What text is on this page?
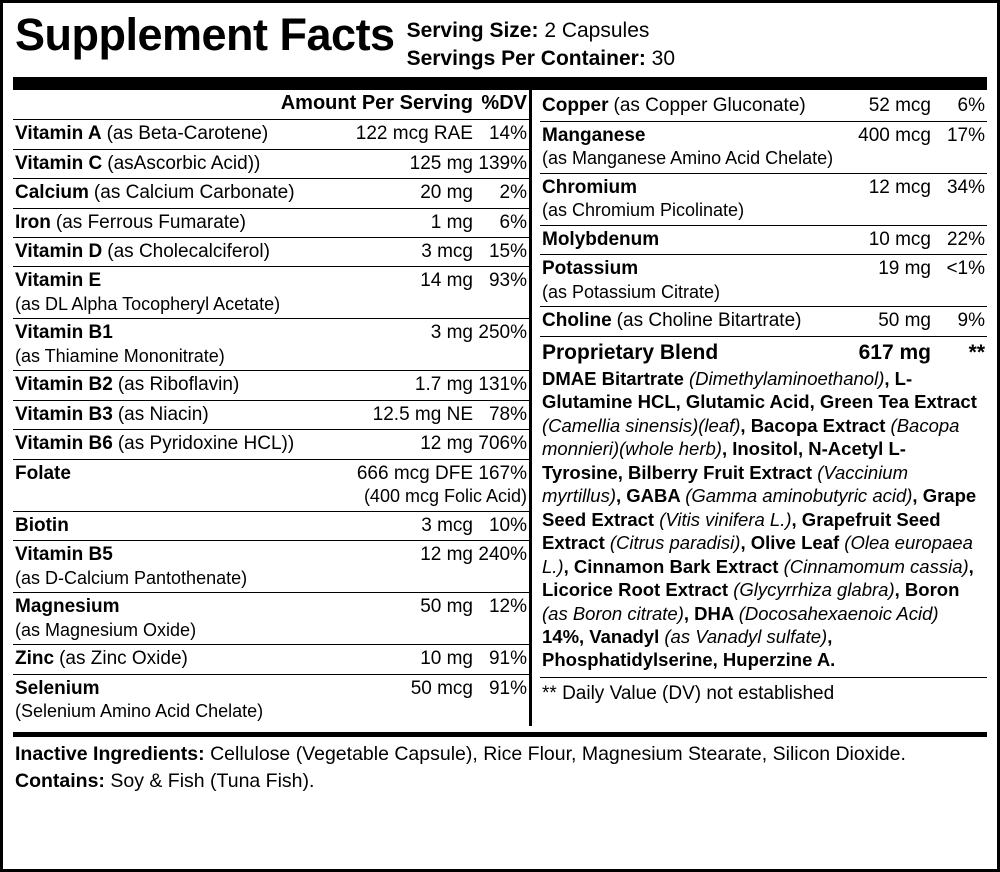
Supplement Facts Serving Size: 2 Capsules
Servings Per Container: 30
Amount Per Serving %DV
Vitamin A (as Beta-Carotene)	122 mcg RAE 14%
Vitamin C (asAscorbic Acid))	125 mg 139%
Calcium (as Calcium Carbonate)	20 mg	2%
Iron (as Ferrous Fumarate)	1 mg	6%
Vitamin D (as Cholecalciferol)	3 mcg 15%
Vitamin E	14 mg 93%
(as DL Alpha Tocopheryl Acetate)
Vitamin B1	3 mg 250%
(as Thiamine Mononitrate)
Vitamin B2 (as Riboflavin)	1.7 mg 131%
Vitamin B3 (as Niacin)	12.5 mg NE 78%
Vitamin B6 (as Pyridoxine HCL))	12 mg 706%
Folate	666 mcg DFE 167%
(400 mcg Folic Acid)
Biotin	3 mcg 10%
Vitamin B5	12 mg 240%
(as D-Calcium Pantothenate)
Magnesium	50 mg 12%
(as Magnesium Oxide)
Zinc (as Zinc Oxide)	10 mg 91%
Selenium	50 mcg 91%
(Selenium Amino Acid Chelate)
Copper (as Copper Gluconate)	52 mcg	6%
Manganese	400 mcg 17%
(as Manganese Amino Acid Chelate)
Chromium	12 mcg 34%
(as Chromium Picolinate)
Molybdenum	10 mcg 22%
Potassium	19 mg <1%
(as Potassium Citrate)
Choline (as Choline Bitartrate)	50 mg	9%
Proprietary Blend	617 mg	**
DMAE Bitartrate (Dimethylaminoethanol), L-Glutamine HCL, Glutamic Acid, Green Tea Extract (Camellia sinensis)(leaf), Bacopa Extract (Bacopa monnieri)(whole herb), Inositol, N-Acetyl L-Tyrosine, Bilberry Fruit Extract (Vaccinium myrtillus), GABA (Gamma aminobutyric acid), Grape Seed Extract (Vitis vinifera L.), Grapefruit Seed Extract (Citrus paradisi), Olive Leaf (Olea europaea L.), Cinnamon Bark Extract (Cinnamomum cassia), Licorice Root Extract (Glycyrrhiza glabra), Boron (as Boron citrate), DHA (Docosahexaenoic Acid) 14%, Vanadyl (as Vanadyl sulfate), Phosphatidylserine, Huperzine A.
** Daily Value (DV) not established
Inactive Ingredients: Cellulose (Vegetable Capsule), Rice Flour, Magnesium Stearate, Silicon Dioxide.
Contains: Soy & Fish (Tuna Fish).
